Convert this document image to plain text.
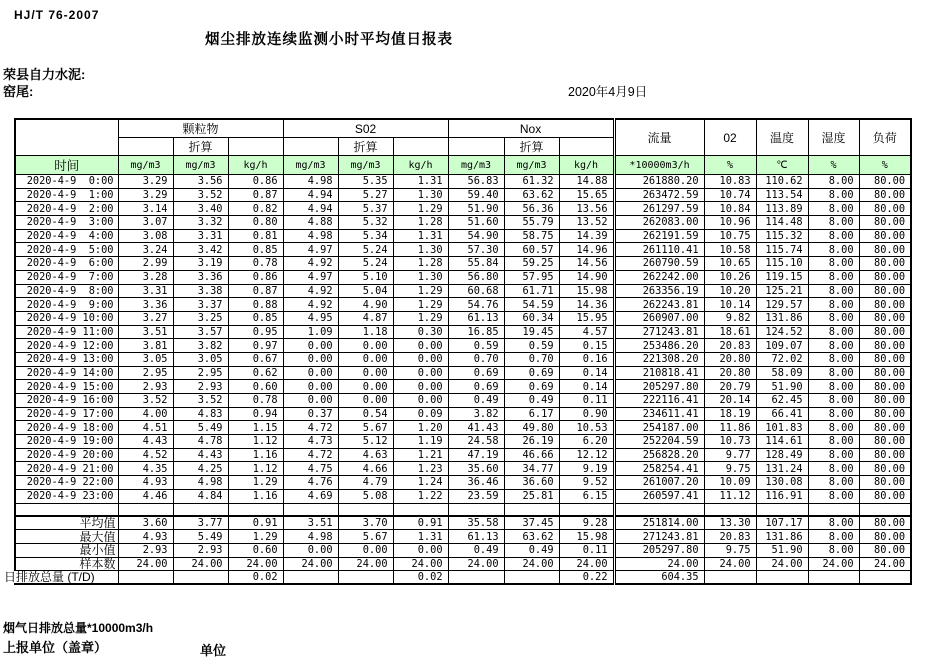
HJ/T 76-2007
烟尘排放连续监测小时平均值日报表
荣县自力水泥:
窑尾:	2020年4月9日
	颗粒物			S02			Nox			流量	02	温度	湿度	负荷
		折算			折算			折算						
时间	mg/m3	mg/m3	kg/h	mg/m3	mg/m3	kg/h	mg/m3	mg/m3	kg/h	*10000m3/h	%	℃	%	%
2020-4-9  0:00	3.29	3.56	0.86	4.98	5.35	1.31	56.83	61.32	14.88	261880.20	10.83	110.62	8.00	80.00
2020-4-9  1:00	3.29	3.52	0.87	4.94	5.27	1.30	59.40	63.62	15.65	263472.59	10.74	113.54	8.00	80.00
2020-4-9  2:00	3.14	3.40	0.82	4.94	5.37	1.29	51.90	56.36	13.56	261297.59	10.84	113.89	8.00	80.00
2020-4-9  3:00	3.07	3.32	0.80	4.88	5.32	1.28	51.60	55.79	13.52	262083.00	10.96	114.48	8.00	80.00
2020-4-9  4:00	3.08	3.31	0.81	4.98	5.34	1.31	54.90	58.75	14.39	262191.59	10.75	115.32	8.00	80.00
2020-4-9  5:00	3.24	3.42	0.85	4.97	5.24	1.30	57.30	60.57	14.96	261110.41	10.58	115.74	8.00	80.00
2020-4-9  6:00	2.99	3.19	0.78	4.92	5.24	1.28	55.84	59.25	14.56	260790.59	10.65	115.10	8.00	80.00
2020-4-9  7:00	3.28	3.36	0.86	4.97	5.10	1.30	56.80	57.95	14.90	262242.00	10.26	119.15	8.00	80.00
2020-4-9  8:00	3.31	3.38	0.87	4.92	5.04	1.29	60.68	61.71	15.98	263356.19	10.20	125.21	8.00	80.00
2020-4-9  9:00	3.36	3.37	0.88	4.92	4.90	1.29	54.76	54.59	14.36	262243.81	10.14	129.57	8.00	80.00
2020-4-9 10:00	3.27	3.25	0.85	4.95	4.87	1.29	61.13	60.34	15.95	260907.00	9.82	131.86	8.00	80.00
2020-4-9 11:00	3.51	3.57	0.95	1.09	1.18	0.30	16.85	19.45	4.57	271243.81	18.61	124.52	8.00	80.00
2020-4-9 12:00	3.81	3.82	0.97	0.00	0.00	0.00	0.59	0.59	0.15	253486.20	20.83	109.07	8.00	80.00
2020-4-9 13:00	3.05	3.05	0.67	0.00	0.00	0.00	0.70	0.70	0.16	221308.20	20.80	72.02	8.00	80.00
2020-4-9 14:00	2.95	2.95	0.62	0.00	0.00	0.00	0.69	0.69	0.14	210818.41	20.80	58.09	8.00	80.00
2020-4-9 15:00	2.93	2.93	0.60	0.00	0.00	0.00	0.69	0.69	0.14	205297.80	20.79	51.90	8.00	80.00
2020-4-9 16:00	3.52	3.52	0.78	0.00	0.00	0.00	0.49	0.49	0.11	222116.41	20.14	62.45	8.00	80.00
2020-4-9 17:00	4.00	4.83	0.94	0.37	0.54	0.09	3.82	6.17	0.90	234611.41	18.19	66.41	8.00	80.00
2020-4-9 18:00	4.51	5.49	1.15	4.72	5.67	1.20	41.43	49.80	10.53	254187.00	11.86	101.83	8.00	80.00
2020-4-9 19:00	4.43	4.78	1.12	4.73	5.12	1.19	24.58	26.19	6.20	252204.59	10.73	114.61	8.00	80.00
2020-4-9 20:00	4.52	4.43	1.16	4.72	4.63	1.21	47.19	46.66	12.12	256828.20	9.77	128.49	8.00	80.00
2020-4-9 21:00	4.35	4.25	1.12	4.75	4.66	1.23	35.60	34.77	9.19	258254.41	9.75	131.24	8.00	80.00
2020-4-9 22:00	4.93	4.98	1.29	4.76	4.79	1.24	36.46	36.60	9.52	261007.20	10.09	130.08	8.00	80.00
2020-4-9 23:00	4.46	4.84	1.16	4.69	5.08	1.22	23.59	25.81	6.15	260597.41	11.12	116.91	8.00	80.00

平均值	3.60	3.77	0.91	3.51	3.70	0.91	35.58	37.45	9.28	251814.00	13.30	107.17	8.00	80.00
最大值	4.93	5.49	1.29	4.98	5.67	1.31	61.13	63.62	15.98	271243.81	20.83	131.86	8.00	80.00
最小值	2.93	2.93	0.60	0.00	0.00	0.00	0.49	0.49	0.11	205297.80	9.75	51.90	8.00	80.00
样本数	24.00	24.00	24.00	24.00	24.00	24.00	24.00	24.00	24.00	24.00	24.00	24.00	24.00	24.00

日排放总量 (T/D)			0.02			0.02			0.22	604.35				
烟气日排放总量*10000m3/h
上报单位（盖章）	单位
